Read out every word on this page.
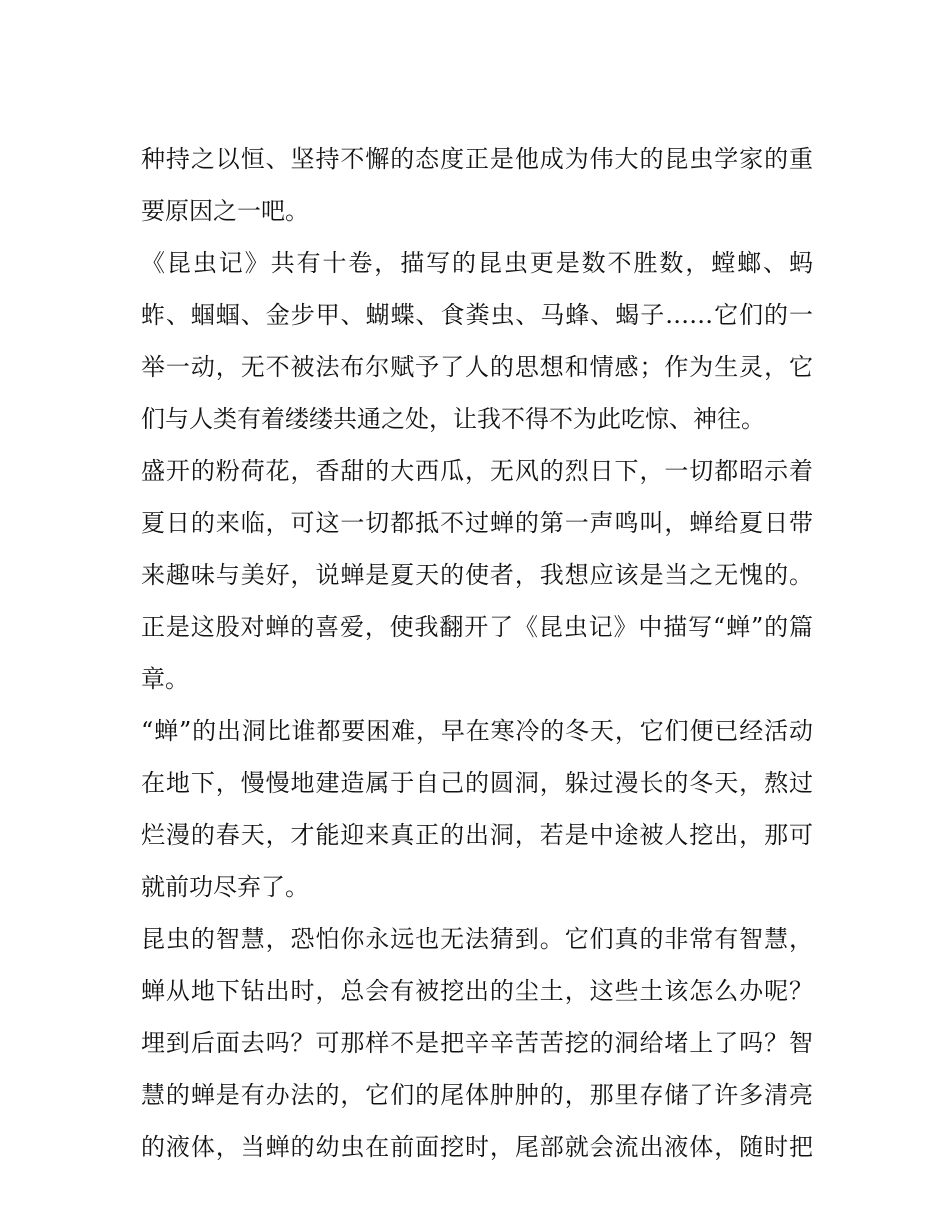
种持之以恒、坚持不懈的态度正是他成为伟大的昆虫学家的重
要原因之一吧。
《昆虫记》共有十卷，描写的昆虫更是数不胜数，螳螂、蚂
蚱、蝈蝈、金步甲、蝴蝶、食粪虫、马蜂、蝎子……它们的一
举一动，无不被法布尔赋予了人的思想和情感；作为生灵，它
们与人类有着缕缕共通之处，让我不得不为此吃惊、神往。
盛开的粉荷花，香甜的大西瓜，无风的烈日下，一切都昭示着
夏日的来临，可这一切都抵不过蝉的第一声鸣叫，蝉给夏日带
来趣味与美好，说蝉是夏天的使者，我想应该是当之无愧的。
正是这股对蝉的喜爱，使我翻开了《昆虫记》中描写“蝉”的篇
章。
“蝉”的出洞比谁都要困难，早在寒冷的冬天，它们便已经活动
在地下，慢慢地建造属于自己的圆洞，躲过漫长的冬天，熬过
烂漫的春天，才能迎来真正的出洞，若是中途被人挖出，那可
就前功尽弃了。
昆虫的智慧，恐怕你永远也无法猜到。它们真的非常有智慧，
蝉从地下钻出时，总会有被挖出的尘土，这些土该怎么办呢？
埋到后面去吗？可那样不是把辛辛苦苦挖的洞给堵上了吗？智
慧的蝉是有办法的，它们的尾体肿肿的，那里存储了许多清亮
的液体，当蝉的幼虫在前面挖时，尾部就会流出液体，随时把
